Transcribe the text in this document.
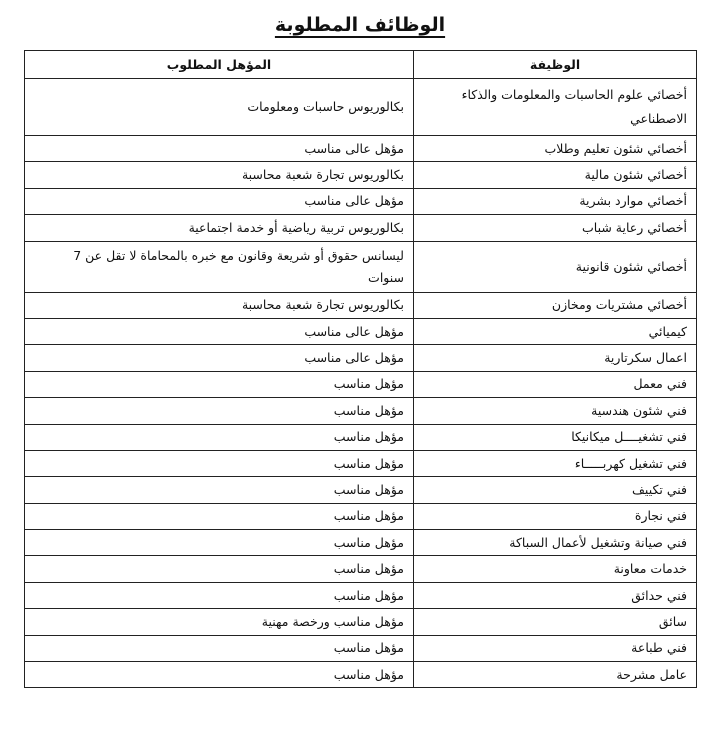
الوظائف المطلوبة
الوظيفة	المؤهل المطلوب
أخصائي علوم الحاسبات والمعلومات والذكاء الاصطناعي	بكالوريوس حاسبات ومعلومات
أخصائي شئون تعليم وطلاب	مؤهل عالى مناسب
أخصائي شئون مالية	بكالوريوس تجارة شعبة محاسبة
أخصائي موارد بشرية	مؤهل عالى مناسب
أخصائي رعاية شباب	بكالوريوس تربية رياضية أو خدمة اجتماعية
أخصائي شئون قانونية	ليسانس حقوق أو شريعة وقانون مع خبره بالمحاماة لا تقل عن 7 سنوات
أخصائي مشتريات ومخازن	بكالوريوس تجارة شعبة محاسبة
كيميائي	مؤهل عالى مناسب
اعمال سكرتارية	مؤهل عالى مناسب
فني معمل	مؤهل مناسب
فني شئون هندسية	مؤهل مناسب
فني تشغيــــل ميكانيكا	مؤهل مناسب
فني تشغيل كهربـــــاء	مؤهل مناسب
فني تكييف	مؤهل مناسب
فني نجارة	مؤهل مناسب
فني صيانة وتشغيل لأعمال السباكة	مؤهل مناسب
خدمات معاونة	مؤهل مناسب
فني حدائق	مؤهل مناسب
سائق	مؤهل مناسب ورخصة مهنية
فني طباعة	مؤهل مناسب
عامل مشرحة	مؤهل مناسب
